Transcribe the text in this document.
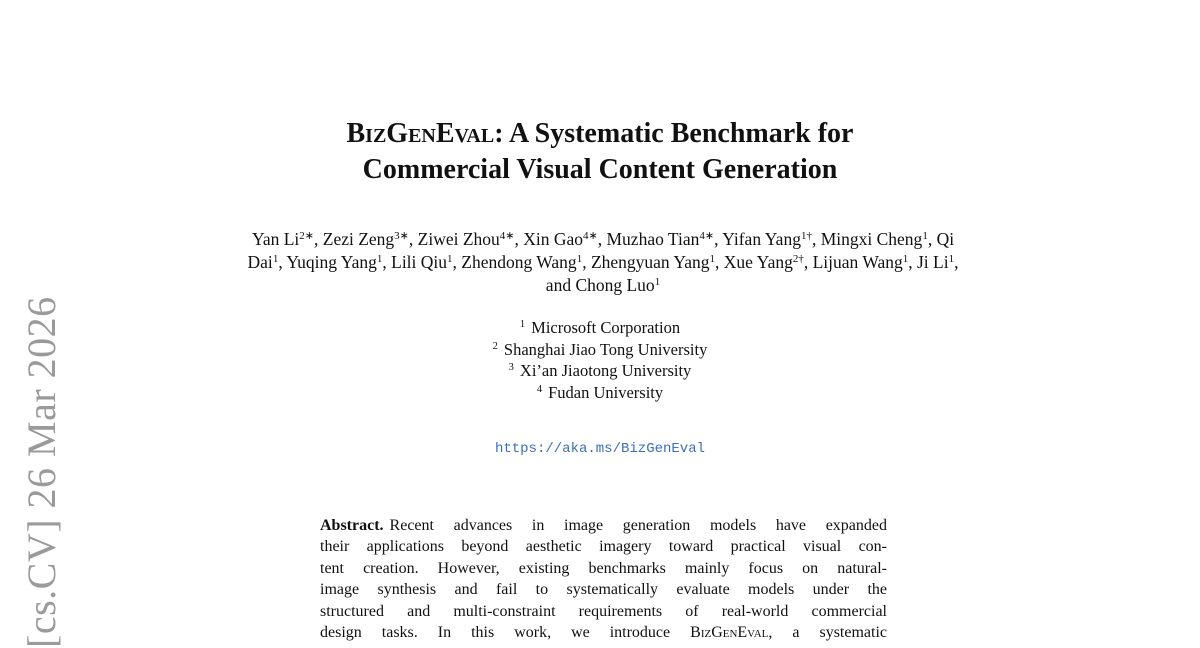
[cs.CV] 26 Mar 2026
BizGenEval: A Systematic Benchmark for
Commercial Visual Content Generation
Yan $Li^{2∗}$, Zezi Zeng$^{3∗}$, Ziwei Zhou$^{4∗}$, Xin Gao$^{4∗}$, Muzhao Tian$^{4∗}$, Yifan Yang$^{1\dagger}$, Mingxi Cheng$^1$, Qi Dai$^1$, Yuqing Yang$^1$, Lili Qiu$^1$, Zhendong Wang$^1$, Zhengyuan Yang$^1$, Xue Yang$^{2\dagger}$, Lijuan Wang$^1$, Ji Li$^1$, and Chong Luo$^1$
$^1$ Microsoft Corporation
$^2$ Shanghai Jiao Tong University
$^3$ Xi’an Jiaotong University
$^4$ Fudan University
https://aka.ms/BizGenEval
Abstract. Recent advances in image generation models have expanded
their applications beyond aesthetic imagery toward practical visual con-
tent creation. However, existing benchmarks mainly focus on natural-
image synthesis and fail to systematically evaluate models under the
structured and multi-constraint requirements of real-world commercial
design tasks. In this work, we introduce BizGenEval, a systematic
